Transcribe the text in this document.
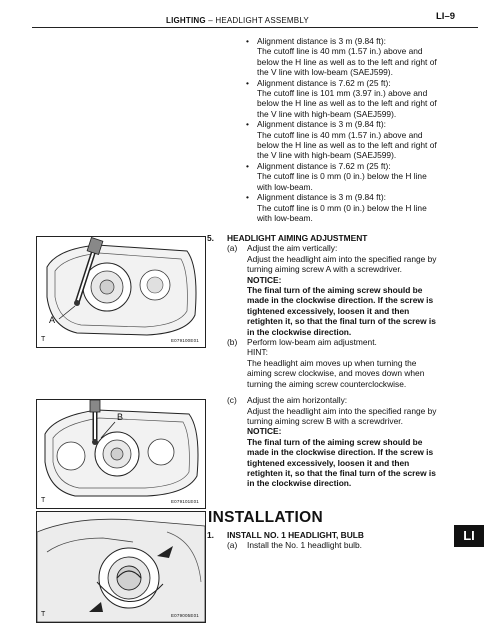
LIGHTING – HEADLIGHT ASSEMBLY	LI–9
• Alignment distance is 3 m (9.84 ft):
The cutoff line is 40 mm (1.57 in.) above and
below the H line as well as to the left and right of
the V line with low-beam (SAEJ599).
• Alignment distance is 7.62 m (25 ft):
The cutoff line is 101 mm (3.97 in.) above and
below the H line as well as to the left and right of
the V line with high-beam (SAEJ599).
• Alignment distance is 3 m (9.84 ft):
The cutoff line is 40 mm (1.57 in.) above and
below the H line as well as to the left and right of
the V line with high-beam (SAEJ599).
• Alignment distance is 7.62 m (25 ft):
The cutoff line is 0 mm (0 in.) below the H line
with low-beam.
• Alignment distance is 3 m (9.84 ft):
The cutoff line is 0 mm (0 in.) below the H line
with low-beam.
5. HEADLIGHT AIMING ADJUSTMENT
(a) Adjust the aim vertically:
Adjust the headlight aim into the specified range by
turning aiming screw A with a screwdriver.
NOTICE:
The final turn of the aiming screw should be
made in the clockwise direction. If the screw is
tightened excessively, loosen it and then
retighten it, so that the final turn of the screw is
in the clockwise direction.
(b) Perform low-beam aim adjustment.
HINT:
The headlight aim moves up when turning the
aiming screw clockwise, and moves down when
turning the aiming screw counterclockwise.
(c) Adjust the aim horizontally:
Adjust the headlight aim into the specified range by
turning aiming screw B with a screwdriver.
NOTICE:
The final turn of the aiming screw should be
made in the clockwise direction. If the screw is
tightened excessively, loosen it and then
retighten it, so that the final turn of the screw is
in the clockwise direction.
INSTALLATION
1. INSTALL NO. 1 HEADLIGHT, BULB
(a) Install the No. 1 headlight bulb.
LI
A
T	E079100E01
B
T	E079101E01
T	E079005E01
